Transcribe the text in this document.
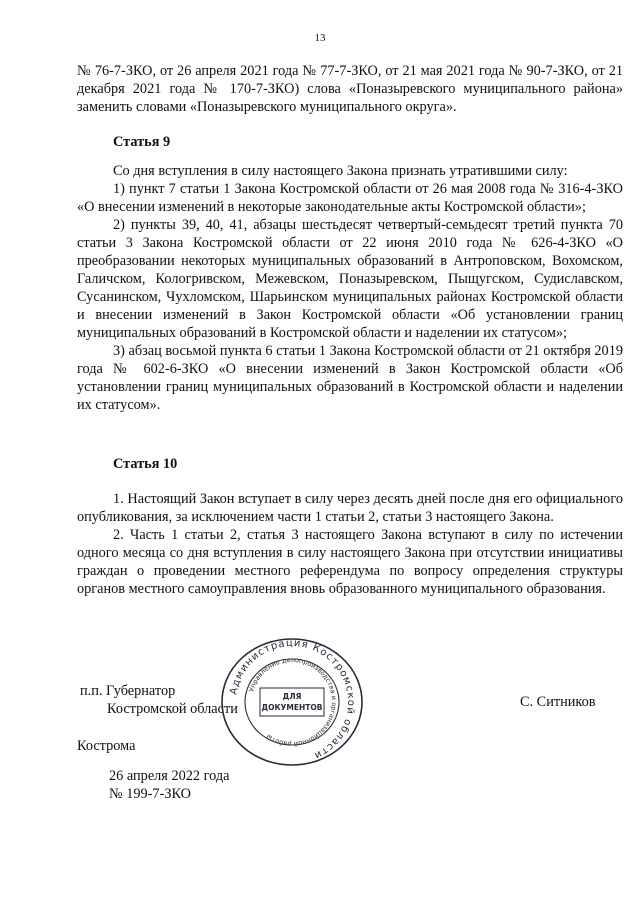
13

№ 76-7-ЗКО, от 26 апреля 2021 года № 77-7-ЗКО, от 21 мая 2021 года № 90-7-ЗКО, от 21 декабря 2021 года № 170-7-ЗКО) слова «Поназыревского муниципального района» заменить словами «Поназыревского муниципального округа».

Статья 9

Со дня вступления в силу настоящего Закона признать утратившими силу:

1) пункт 7 статьи 1 Закона Костромской области от 26 мая 2008 года № 316-4-ЗКО «О внесении изменений в некоторые законодательные акты Костромской области»;

2) пункты 39, 40, 41, абзацы шестьдесят четвертый-семьдесят третий пункта 70 статьи 3 Закона Костромской области от 22 июня 2010 года № 626-4-ЗКО «О преобразовании некоторых муниципальных образований в Антроповском, Вохомском, Галичском, Кологривском, Межевском, Поназыревском, Пыщугском, Судиславском, Сусанинском, Чухломском, Шарьинском муниципальных районах Костромской области и внесении изменений в Закон Костромской области «Об установлении границ муниципальных образований в Костромской области и наделении их статусом»;

3) абзац восьмой пункта 6 статьи 1 Закона Костромской области от 21 октября 2019 года № 602-6-ЗКО «О внесении изменений в Закон Костромской области «Об установлении границ муниципальных образований в Костромской области и наделении их статусом».

Статья 10

1. Настоящий Закон вступает в силу через десять дней после дня его официального опубликования, за исключением части 1 статьи 2, статьи 3 настоящего Закона.

2. Часть 1 статьи 2, статья 3 настоящего Закона вступают в силу по истечении одного месяца со дня вступления в силу настоящего Закона при отсутствии инициативы граждан о проведении местного референдума по вопросу определения структуры органов местного самоуправления вновь образованного муниципального образования.

п.п. Губернатор
Костромской области	С. Ситников
Кострома
26 апреля 2022 года
№ 199-7-ЗКО
Администрация Костромской области
Управление делопроизводства и организационной работы
ДЛЯ
ДОКУМЕНТОВ
